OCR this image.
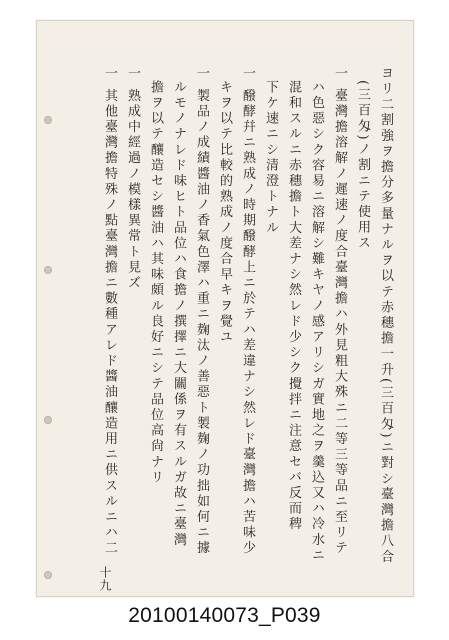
ヨリ二割強ヲ擔分多量ナルヲ以テ赤穗擔一升(三百匁)ニ對シ臺灣擔八合
(三百匁)ノ割ニテ使用ス
一 臺灣擔溶解ノ遲速ノ度合臺灣擔ハ外見粗大殊ニ二等三等品ニ至リテ
ハ色惡シク容易ニ溶解シ難キヤノ感アリシガ實地之ヲ羹込又ハ冷水ニ
混和スルニ赤穗擔ト大差ナシ然レド少シク攪拌ニ注意セバ反而稗
下ケ速ニシ清澄トナル
一 醱酵幷ニ熟成ノ時期醱酵上ニ於テハ差違ナシ然レド臺灣擔ハ苦味少
キヲ以テ比較的熟成ノ度合早キヲ覺ユ
一 製品ノ成績醬油ノ香氣色澤ハ重ニ麹汰ノ善惡ト製麹ノ功拙如何ニ據
ルモノナレド味ヒト品位ハ食擔ノ撰擇ニ大關係ヲ有スルガ故ニ臺灣
擔ヲ以テ釀造セシ醬油ハ其味頗ル良好ニシテ品位高尙ナリ
一 熟成中經過ノ模樣異常ト見ズ
一 其他臺灣擔特殊ノ點臺灣擔ニ數種アレド醬油釀造用ニ供スルニハ二
十九
20100140073_P039
